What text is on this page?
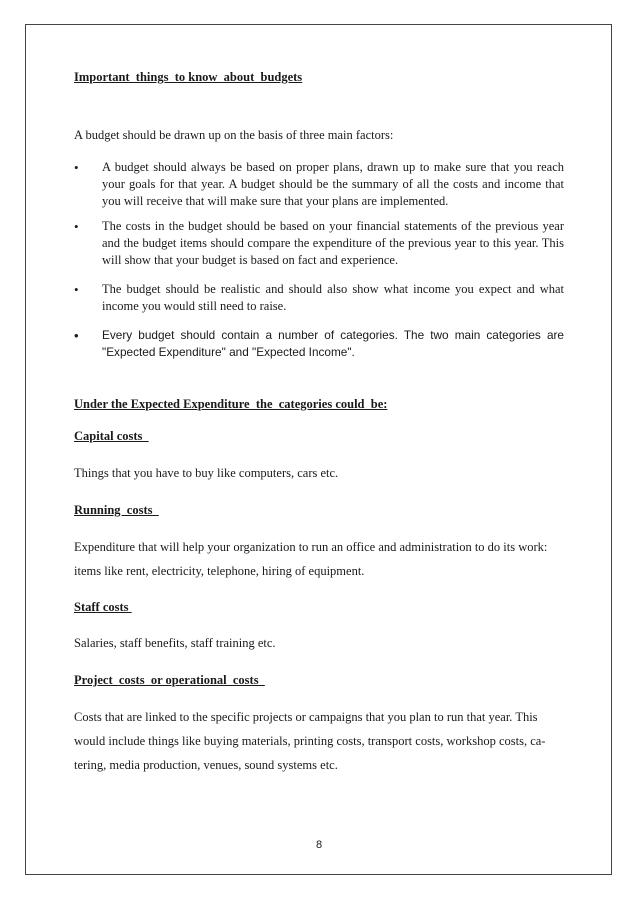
Important  things  to know  about  budgets
A budget should be drawn up on the basis of three main factors:
• A budget should always be based on proper plans, drawn up to make sure that you reach your goals for that year. A budget should be the summary of all the costs and income that you will receive that will make sure that your plans are implemented.
• The costs in the budget should be based on your financial statements of the previous year and the budget items should compare the expenditure of the previous year to this year. This will show that your budget is based on fact and experience.
• The budget should be realistic and should also show what income you expect and what income you would still need to raise.
• Every budget should contain a number of categories. The two main categories are "Expected Expenditure" and "Expected Income".
Under the Expected Expenditure  the  categories could  be:
Capital costs
Things that you have to buy like computers, cars etc.
Running  costs
Expenditure that will help your organization to run an office and administration to do its work:
items like rent, electricity, telephone, hiring of equipment.
Staff costs
Salaries, staff benefits, staff training etc.
Project  costs  or operational  costs
Costs that are linked to the specific projects or campaigns that you plan to run that year. This
would include things like buying materials, printing costs, transport costs, workshop costs, ca-
tering, media production, venues, sound systems etc.
8
